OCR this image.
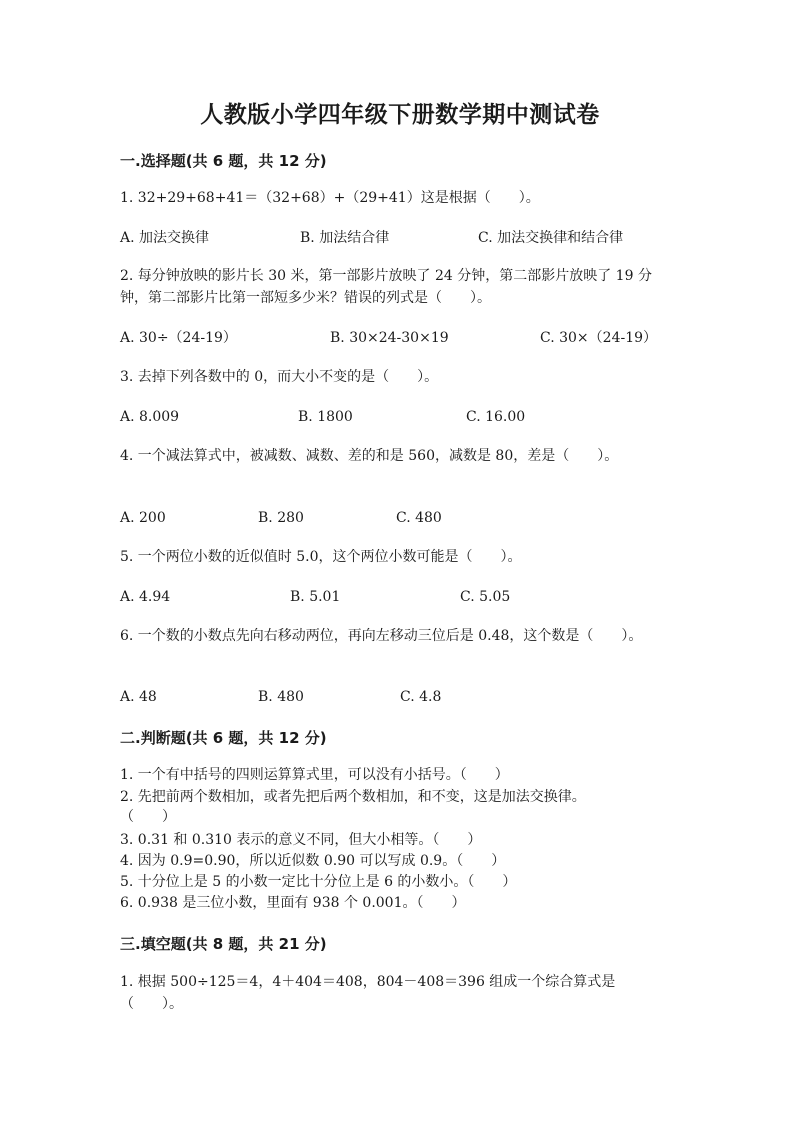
人教版小学四年级下册数学期中测试卷
一.选择题(共 6 题，共 12 分)
1. 32+29+68+41＝（32+68）+（29+41）这是根据（　　）。
A. 加法交换律	B. 加法结合律	C. 加法交换律和结合律
2. 每分钟放映的影片长 30 米，第一部影片放映了 24 分钟，第二部影片放映了 19 分钟，第二部影片比第一部短多少米？错误的列式是（　　）。
A. 30÷（24-19）	B. 30×24-30×19	C. 30×（24-19）
3. 去掉下列各数中的 0，而大小不变的是（　　）。
A. 8.009	B. 1800	C. 16.00
4. 一个减法算式中，被减数、减数、差的和是 560，减数是 80，差是（　　）。
A. 200	B. 280	C. 480
5. 一个两位小数的近似值时 5.0，这个两位小数可能是（　　）。
A. 4.94	B. 5.01	C. 5.05
6. 一个数的小数点先向右移动两位，再向左移动三位后是 0.48，这个数是（　　）。
A. 48	B. 480	C. 4.8
二.判断题(共 6 题，共 12 分)
1. 一个有中括号的四则运算算式里，可以没有小括号。（　　）
2. 先把前两个数相加，或者先把后两个数相加，和不变，这是加法交换律。
（　　）
3. 0.31 和 0.310 表示的意义不同，但大小相等。（　　）
4. 因为 0.9=0.90，所以近似数 0.90 可以写成 0.9。（　　）
5. 十分位上是 5 的小数一定比十分位上是 6 的小数小。（　　）
6. 0.938 是三位小数，里面有 938 个 0.001。（　　）
三.填空题(共 8 题，共 21 分)
1. 根据 500÷125＝4，4＋404＝408，804－408＝396 组成一个综合算式是（　　）。
